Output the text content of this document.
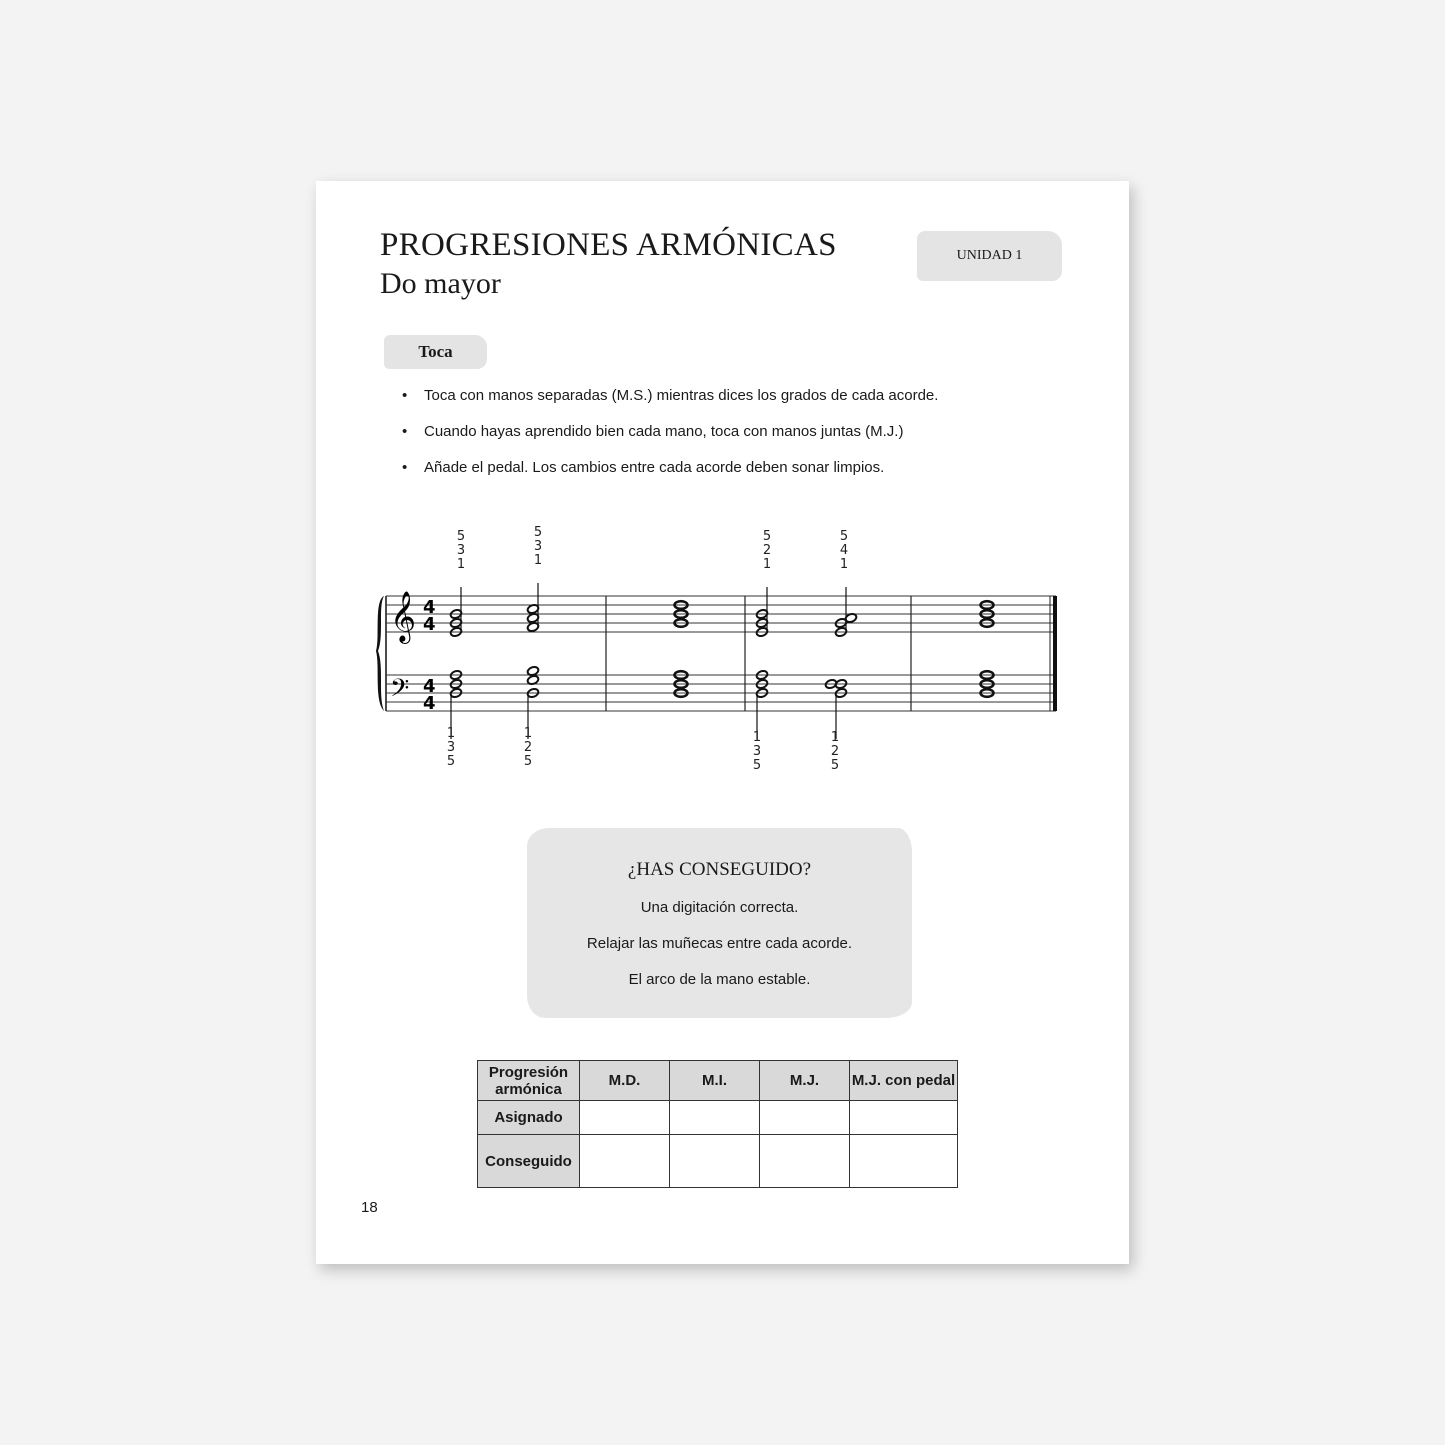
PROGRESIONES ARMÓNICAS
Do mayor
UNIDAD 1
Toca
• Toca con manos separadas (M.S.) mientras dices los grados de cada acorde.
• Cuando hayas aprendido bien cada mano, toca con manos juntas (M.J.)
• Añade el pedal. Los cambios entre cada acorde deben sonar limpios.
𝄞
𝄢
4
4
4
4
5
3
1
5
3
1
5
2
1
5
4
1
1
3
5
1
2
5
1
3
5
1
2
5
¿HAS CONSEGUIDO?
Una digitación correcta.
Relajar las muñecas entre cada acorde.
El arco de la mano estable.
Progresión armónica	M.D.	M.I.	M.J.	M.J. con pedal
Asignado				
Conseguido				
18
